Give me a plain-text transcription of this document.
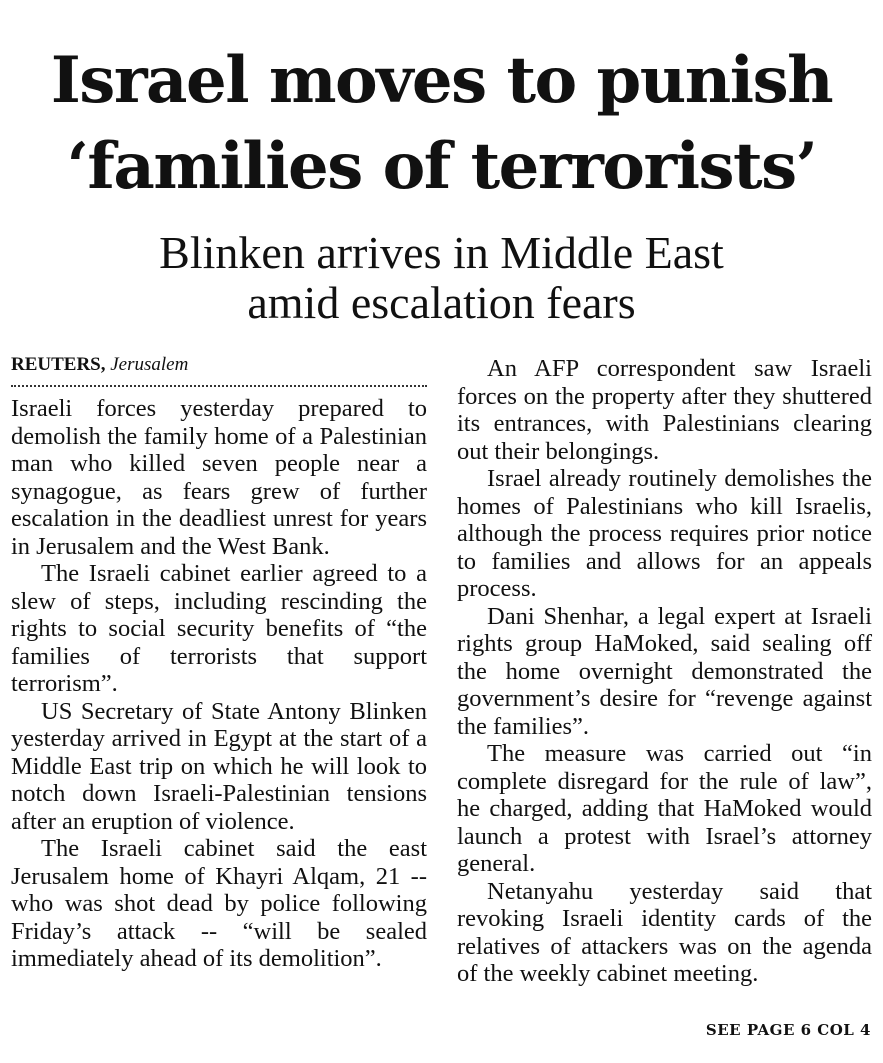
Israel moves to punish
‘families of terrorists’
Blinken arrives in Middle East
amid escalation fears

REUTERS, Jerusalem

Israeli forces yesterday prepared to demolish the family home of a Palestinian man who killed seven people near a synagogue, as fears grew of further escalation in the deadliest unrest for years in Jerusalem and the West Bank.

The Israeli cabinet earlier agreed to a slew of steps, including rescinding the rights to social security benefits of “the families of terrorists that support terrorism”.

US Secretary of State Antony Blinken yesterday arrived in Egypt at the start of a Middle East trip on which he will look to notch down Israeli-Palestinian tensions after an eruption of violence.

The Israeli cabinet said the east Jerusalem home of Khayri Alqam, 21 -- who was shot dead by police following Friday’s attack -- “will be sealed immediately ahead of its demolition”.

An AFP correspondent saw Israeli forces on the property after they shuttered its entrances, with Palestinians clearing out their belongings.

Israel already routinely demolishes the homes of Palestinians who kill Israelis, although the process requires prior notice to families and allows for an appeals process.

Dani Shenhar, a legal expert at Israeli rights group HaMoked, said sealing off the home overnight demonstrated the government’s desire for “revenge against the families”.

The measure was carried out “in complete disregard for the rule of law”, he charged, adding that HaMoked would launch a protest with Israel’s attorney general.

Netanyahu yesterday said that revoking Israeli identity cards of the relatives of attackers was on the agenda of the weekly cabinet meeting.

SEE PAGE 6 COL 4
